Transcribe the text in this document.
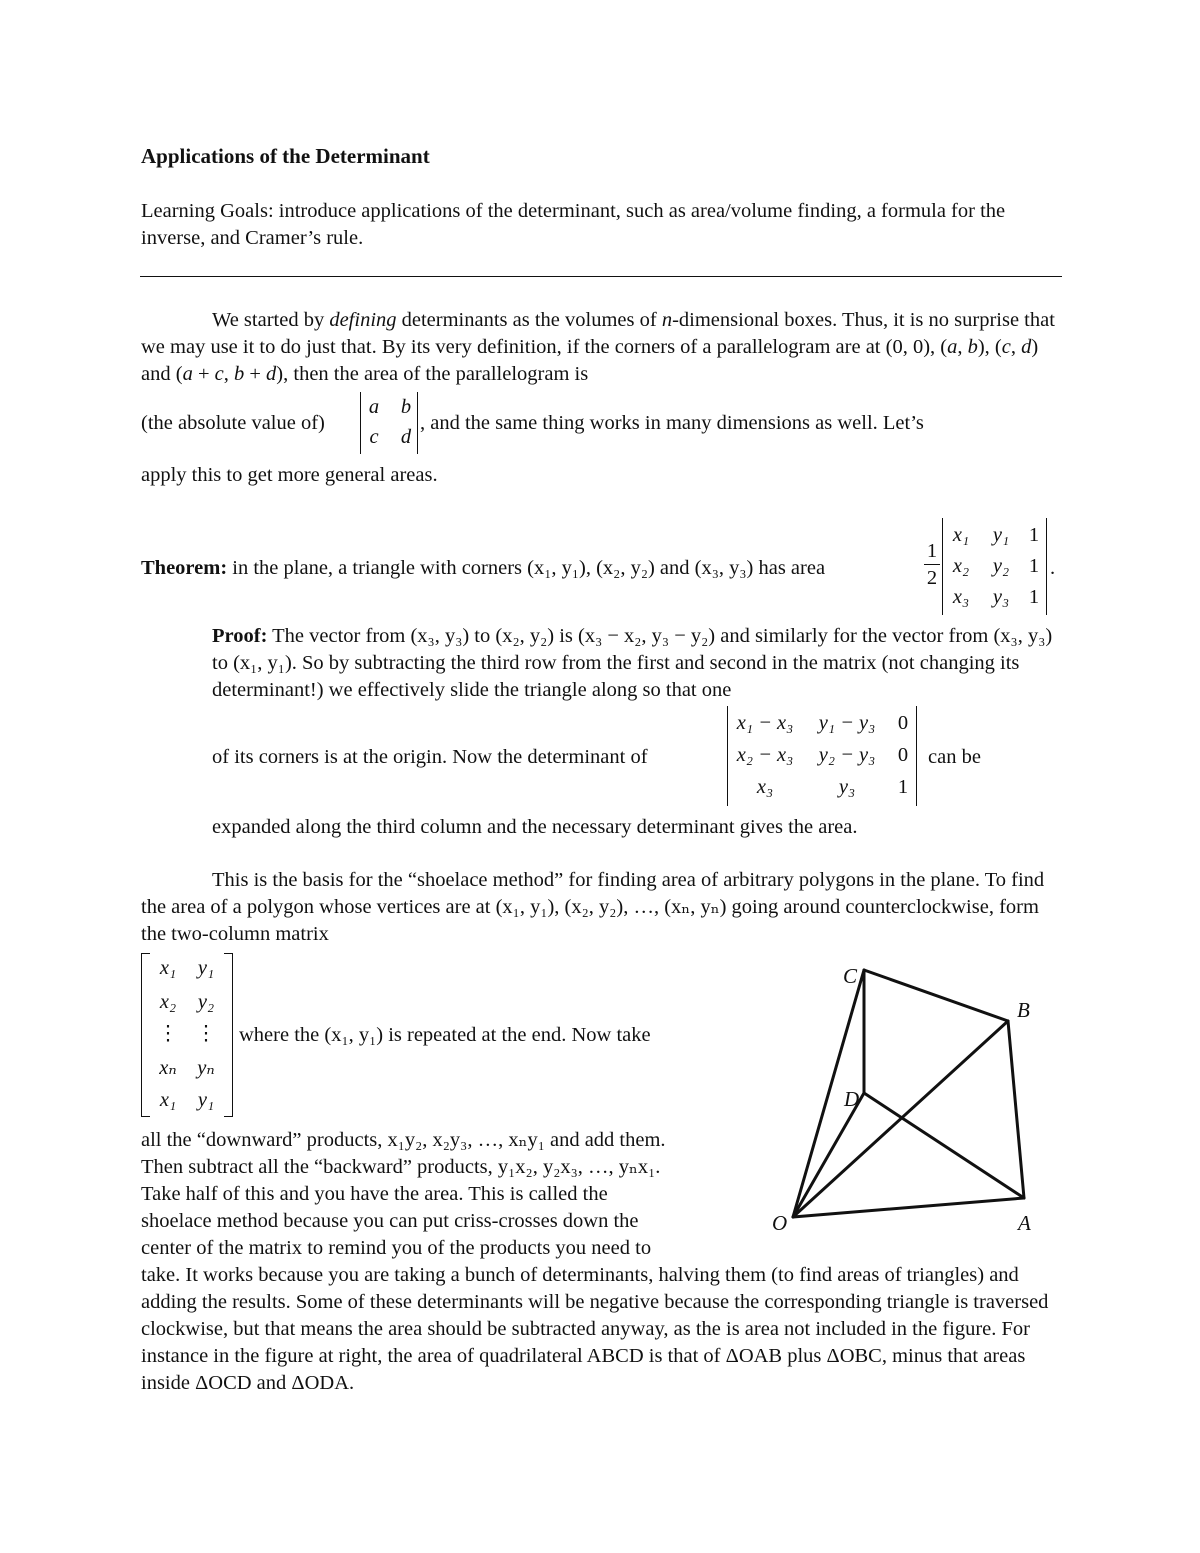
Applications of the Determinant
Learning Goals: introduce applications of the determinant, such as area/volume finding, a formula for the inverse, and Cramer’s rule.
We started by defining determinants as the volumes of n-dimensional boxes. Thus, it is no surprise that we may use it to do just that. By its very definition, if the corners of a parallelogram are at (0, 0), (a, b), (c, d) and (a + c, b + d), then the area of the parallelogram is
(the absolute value of)
a b
c d
, and the same thing works in many dimensions as well. Let’s
apply this to get more general areas.
Theorem: in the plane, a triangle with corners (x₁, y₁), (x₂, y₂) and (x₃, y₃) has area
1
2
x₁ y₁ 1
x₂ y₂ 1
x₃ y₃ 1
.
Proof: The vector from (x₃, y₃) to (x₂, y₂) is (x₃ − x₂, y₃ − y₂) and similarly for the vector from (x₃, y₃) to (x₁, y₁). So by subtracting the third row from the first and second in the matrix (not changing its determinant!) we effectively slide the triangle along so that one
of its corners is at the origin. Now the determinant of
x₁ − x₃	y₁ − y₃	0
x₂ − x₃	y₂ − y₃	0
x₃	y₃	1
can be
expanded along the third column and the necessary determinant gives the area.
This is the basis for the “shoelace method” for finding area of arbitrary polygons in the plane. To find the area of a polygon whose vertices are at (x₁, y₁), (x₂, y₂), …, (xₙ, yₙ) going around counterclockwise, form the two-column matrix
x₁	y₁
x₂	y₂
⋮ ⋮
xₙ	yₙ
x₁	y₁
where the (x₁, y₁) is repeated at the end. Now take
all the “downward” products, x₁y₂, x₂y₃, …, xₙy₁ and add them.
Then subtract all the “backward” products, y₁x₂, y₂x₃, …, yₙx₁.
Take half of this and you have the area. This is called the
shoelace method because you can put criss-crosses down the
center of the matrix to remind you of the products you need to
take. It works because you are taking a bunch of determinants, halving them (to find areas of triangles) and adding the results. Some of these determinants will be negative because the corresponding triangle is traversed clockwise, but that means the area should be subtracted anyway, as the is area not included in the figure. For instance in the figure at right, the area of quadrilateral ABCD is that of ΔOAB plus ΔOBC, minus that areas inside ΔOCD and ΔODA.
C
B
D
O	A
